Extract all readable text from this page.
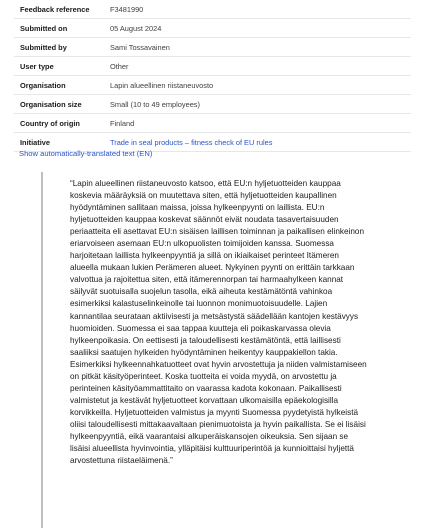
Feedback reference	F3481990
Submitted on	05 August 2024
Submitted by	Sami Tossavainen
User type	Other
Organisation	Lapin alueellinen riistaneuvosto
Organisation size	Small (10 to 49 employees)
Country of origin	Finland
Initiative	Trade in seal products – fitness check of EU rules
Show automatically-translated text (EN)

“Lapin alueellinen riistaneuvosto katsoo, että EU:n hyljetuotteiden kauppaa
koskevia määräyksiä on muutettava siten, että hyljetuotteiden kaupallinen
hyödyntäminen sallitaan maissa, joissa hylkeenpyynti on laillista. EU:n
hyljetuotteiden kauppaa koskevat säännöt eivät noudata tasavertaisuuden
periaatteita eli asettavat EU:n sisäisen laillisen toiminnan ja paikallisen elinkeinon
eriarvoiseen asemaan EU:n ulkopuolisten toimijoiden kanssa. Suomessa
harjoitetaan laillista hylkeenpyyntiä ja sillä on ikiaikaiset perinteet Itämeren
alueella mukaan lukien Perämeren alueet. Nykyinen pyynti on erittäin tarkkaan
valvottua ja rajoitettua siten, että itämerennorpan tai harmaahylkeen kannat
säilyvät suotuisalla suojelun tasolla, eikä aiheuta kestämätöntä vahinkoa
esimerkiksi kalastuselinkeinolle tai luonnon monimuotoisuudelle. Lajien
kannantilaa seurataan aktiivisesti ja metsästystä säädellään kantojen kestävyys
huomioiden. Suomessa ei saa tappaa kuutteja eli poikaskarvassa olevia
hylkeenpoikasia. On eettisesti ja taloudellisesti kestämätöntä, että laillisesti
saaliiksi saatujen hylkeiden hyödyntäminen heikentyy kauppakiellon takia.
Esimerkiksi hylkeennahkatuotteet ovat hyvin arvostettuja ja niiden valmistamiseen
on pitkät käsityöperinteet. Koska tuotteita ei voida myydä, on arvostettu ja
perinteinen käsityöammattitaito on vaarassa kadota kokonaan. Paikallisesti
valmistetut ja kestävät hyljetuotteet korvattaan ulkomaisilla epäekologisilla
korvikkeilla. Hyljetuotteiden valmistus ja myynti Suomessa pyydetyistä hylkeistä
oliisi taloudellisesti mittakaavaltaan pienimuotoista ja hyvin paikallista. Se ei lisäisi
hylkeenpyyntiä, eikä vaarantaisi alkuperäiskansojen oikeuksia. Sen sijaan se
lisäisi alueellista hyvinvointia, ylläpitäisi kulttuuriperintöä ja kunnioittaisi hyljettä
arvostettuna riistaeläimenä.”
